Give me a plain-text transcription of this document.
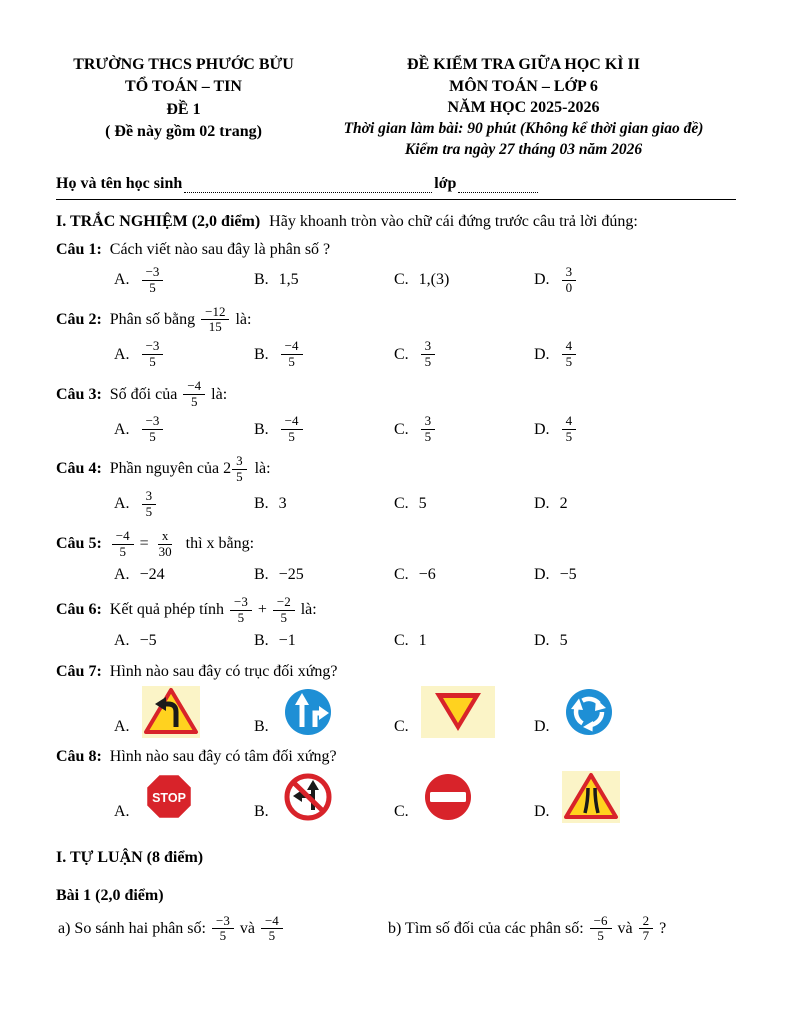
TRƯỜNG THCS PHƯỚC BỬU
TỔ TOÁN – TIN
ĐỀ 1
( Đề này gồm 02 trang)
ĐỀ KIỂM TRA GIỮA HỌC KÌ II
MÔN TOÁN – LỚP 6
NĂM HỌC 2025-2026
Thời gian làm bài: 90 phút (Không kể thời gian giao đề)
Kiểm tra ngày 27 tháng 03 năm 2026
Họ và tên học sinh	lớp
I. TRẮC NGHIỆM (2,0 điểm) Hãy khoanh tròn vào chữ cái đứng trước câu trả lời đúng:
Câu 1: Cách viết nào sau đây là phân số ?
A. $\frac{-3}{5}$	B. 1,5	C. 1,(3)	D. $\frac{3}{0}$
Câu 2: Phân số bằng $\frac{-12}{15}$ là:
A. $\frac{-3}{5}$	B. $\frac{-4}{5}$	C. $\frac{3}{5}$	D. $\frac{4}{5}$
Câu 3: Số đối của $\frac{-4}{5}$ là:
A. $\frac{-3}{5}$	B. $\frac{-4}{5}$	C. $\frac{3}{5}$	D. $\frac{4}{5}$
Câu 4: Phần nguyên của $2 \frac{3}{5}$ là:
A. $\frac{3}{5}$	B. 3	C. 5	D. 2
Câu 5: $\frac{-4}{5} = \frac{x}{30}$ thì x bằng:
A. −24	B. −25	C. −6	D. −5
Câu 6: Kết quả phép tính $\frac{-3}{5} + \frac{-2}{5}$ là:
A. −5	B. −1	C. 1	D. 5
Câu 7: Hình nào sau đây có trục đối xứng?
A.	B.	C.	D.
Câu 8: Hình nào sau đây có tâm đối xứng?
A.
STOP
B.	C.	D.
I. TỰ LUẬN (8 điểm)
Bài 1 (2,0 điểm)
a) So sánh hai phân số: $\frac{-3}{5}$ và $\frac{-4}{5}$	b) Tìm số đối của các phân số: $\frac{-6}{5}$ và $\frac{2}{7}$ ?
